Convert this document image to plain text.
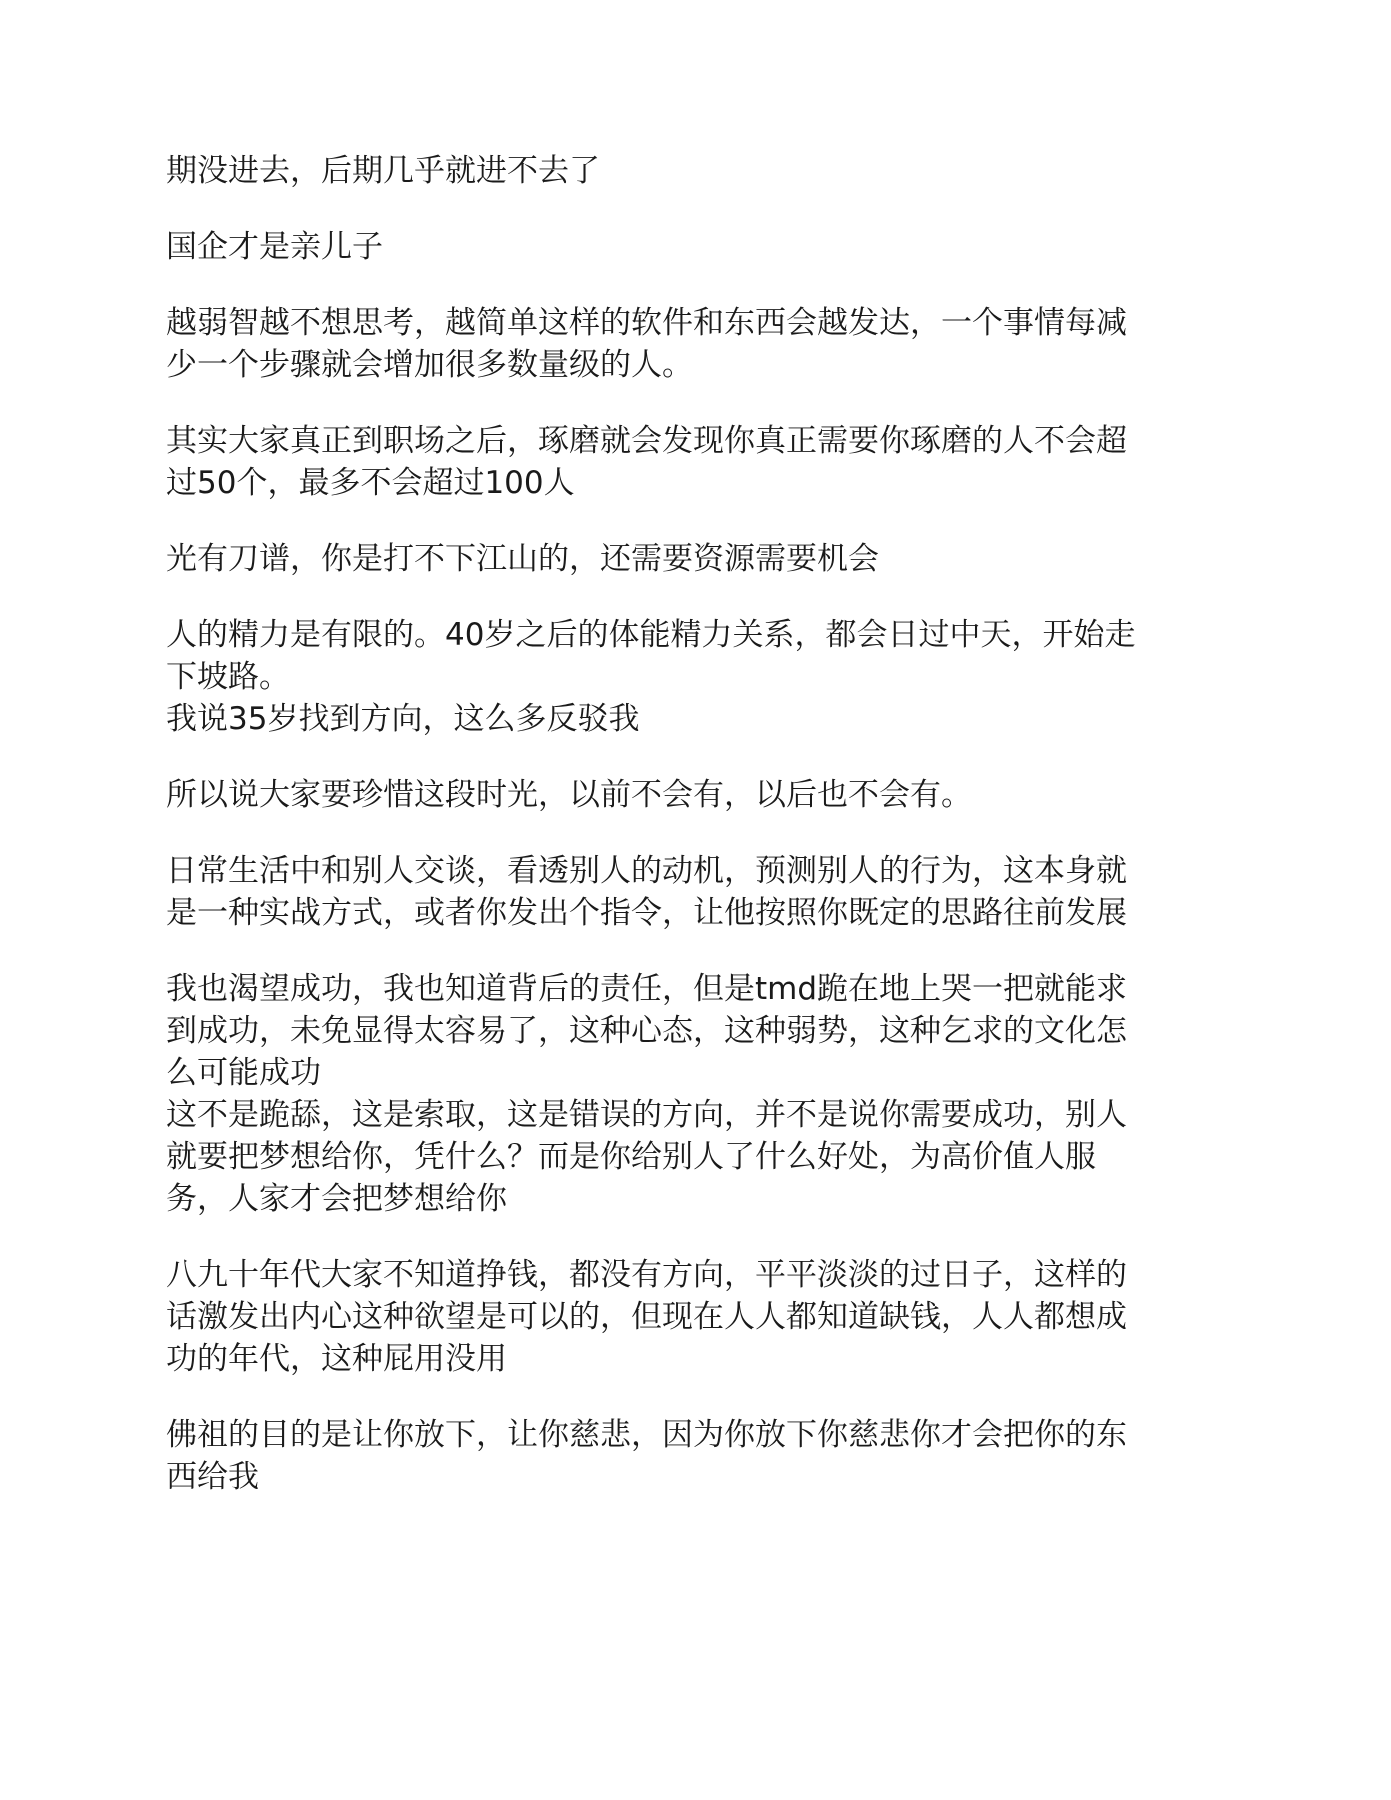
期没进去，后期几乎就进不去了
国企才是亲儿子
越弱智越不想思考，越简单这样的软件和东西会越发达，一个事情每减
少一个步骤就会增加很多数量级的人。
其实大家真正到职场之后，琢磨就会发现你真正需要你琢磨的人不会超
过50个，最多不会超过100人
光有刀谱，你是打不下江山的，还需要资源需要机会
人的精力是有限的。40岁之后的体能精力关系，都会日过中天，开始走
下坡路。
我说35岁找到方向，这么多反驳我
所以说大家要珍惜这段时光，以前不会有，以后也不会有。
日常生活中和别人交谈，看透别人的动机，预测别人的行为，这本身就
是一种实战方式，或者你发出个指令，让他按照你既定的思路往前发展
我也渴望成功，我也知道背后的责任，但是tmd跪在地上哭一把就能求
到成功，未免显得太容易了，这种心态，这种弱势，这种乞求的文化怎
么可能成功
这不是跪舔，这是索取，这是错误的方向，并不是说你需要成功，别人
就要把梦想给你，凭什么？而是你给别人了什么好处，为高价值人服
务，人家才会把梦想给你
八九十年代大家不知道挣钱，都没有方向，平平淡淡的过日子，这样的
话激发出内心这种欲望是可以的，但现在人人都知道缺钱，人人都想成
功的年代，这种屁用没用
佛祖的目的是让你放下，让你慈悲，因为你放下你慈悲你才会把你的东
西给我
